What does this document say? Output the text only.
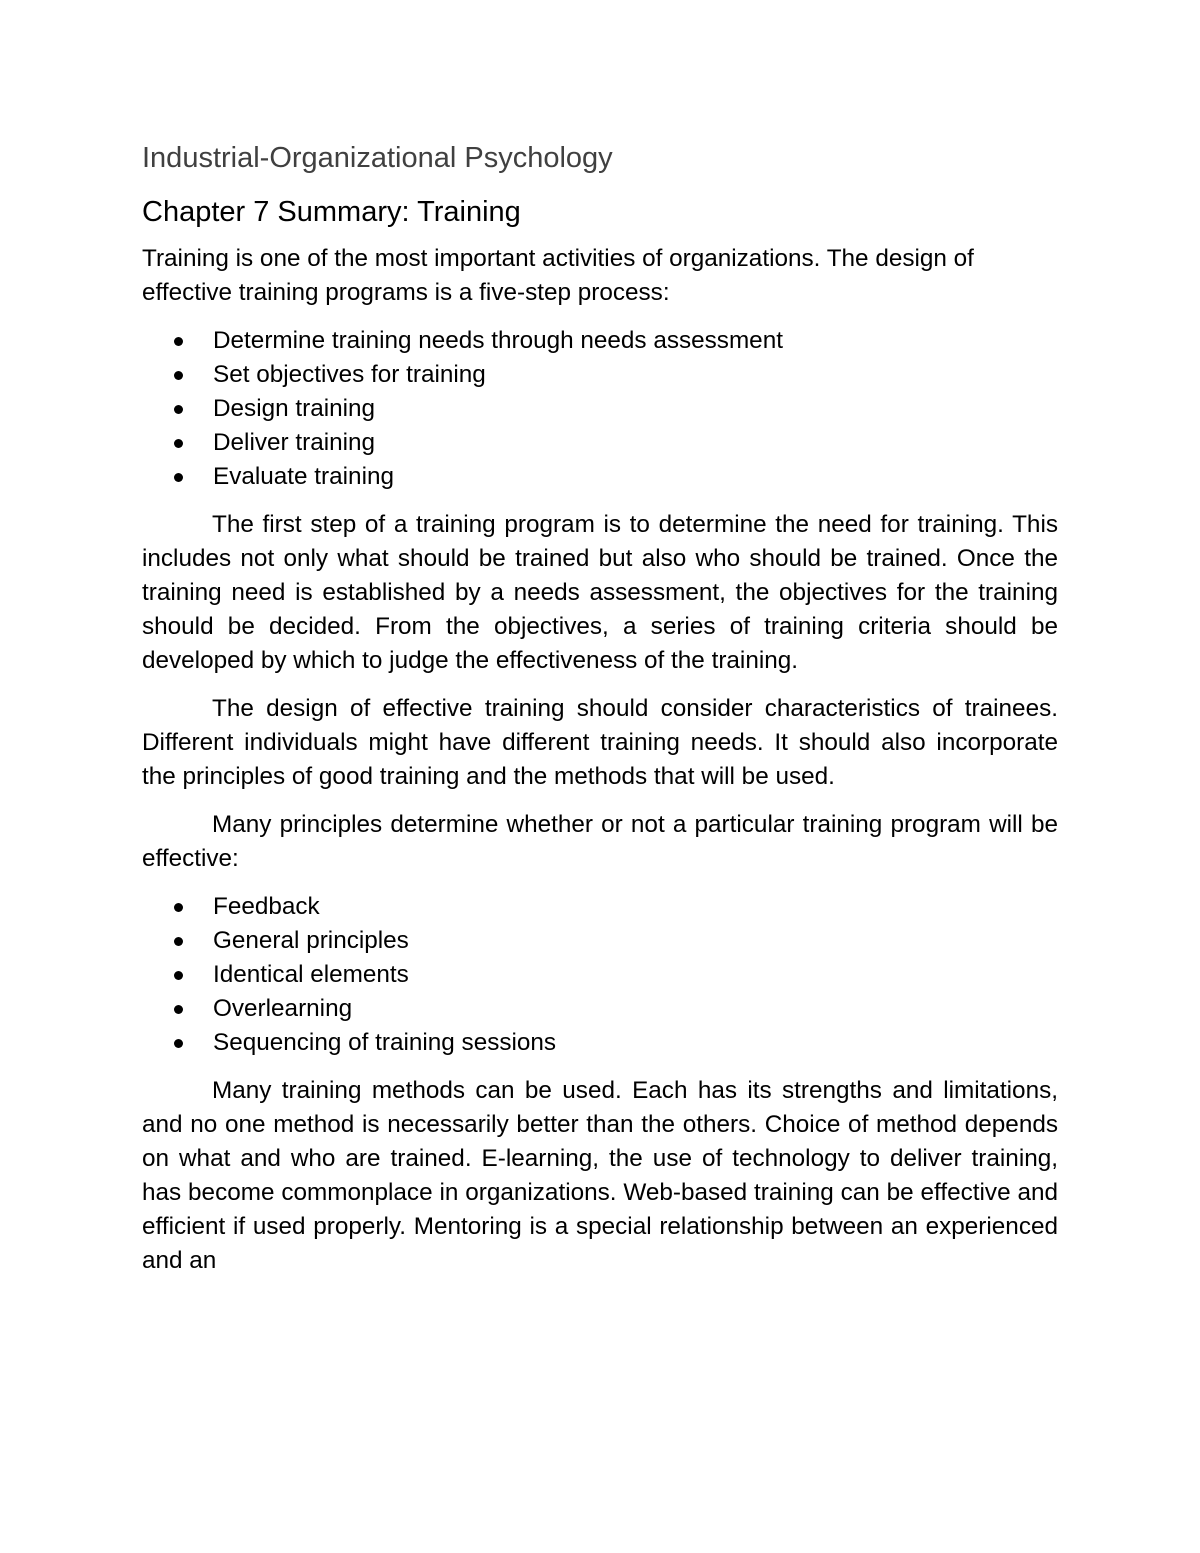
Industrial-Organizational Psychology
Chapter 7 Summary: Training

Training is one of the most important activities of organizations. The design of effective training programs is a five-step process:

Determine training needs through needs assessment
Set objectives for training
Design training
Deliver training
Evaluate training

The first step of a training program is to determine the need for training. This includes not only what should be trained but also who should be trained. Once the training need is established by a needs assessment, the objectives for the training should be decided. From the objectives, a series of training criteria should be developed by which to judge the effectiveness of the training.

The design of effective training should consider characteristics of trainees. Different individuals might have different training needs. It should also incorporate the principles of good training and the methods that will be used.

Many principles determine whether or not a particular training program will be effective:

Feedback
General principles
Identical elements
Overlearning
Sequencing of training sessions

Many training methods can be used. Each has its strengths and limitations, and no one method is necessarily better than the others. Choice of method depends on what and who are trained. E-learning, the use of technology to deliver training, has become commonplace in organizations. Web-based training can be effective and efficient if used properly. Mentoring is a special relationship between an experienced and an
